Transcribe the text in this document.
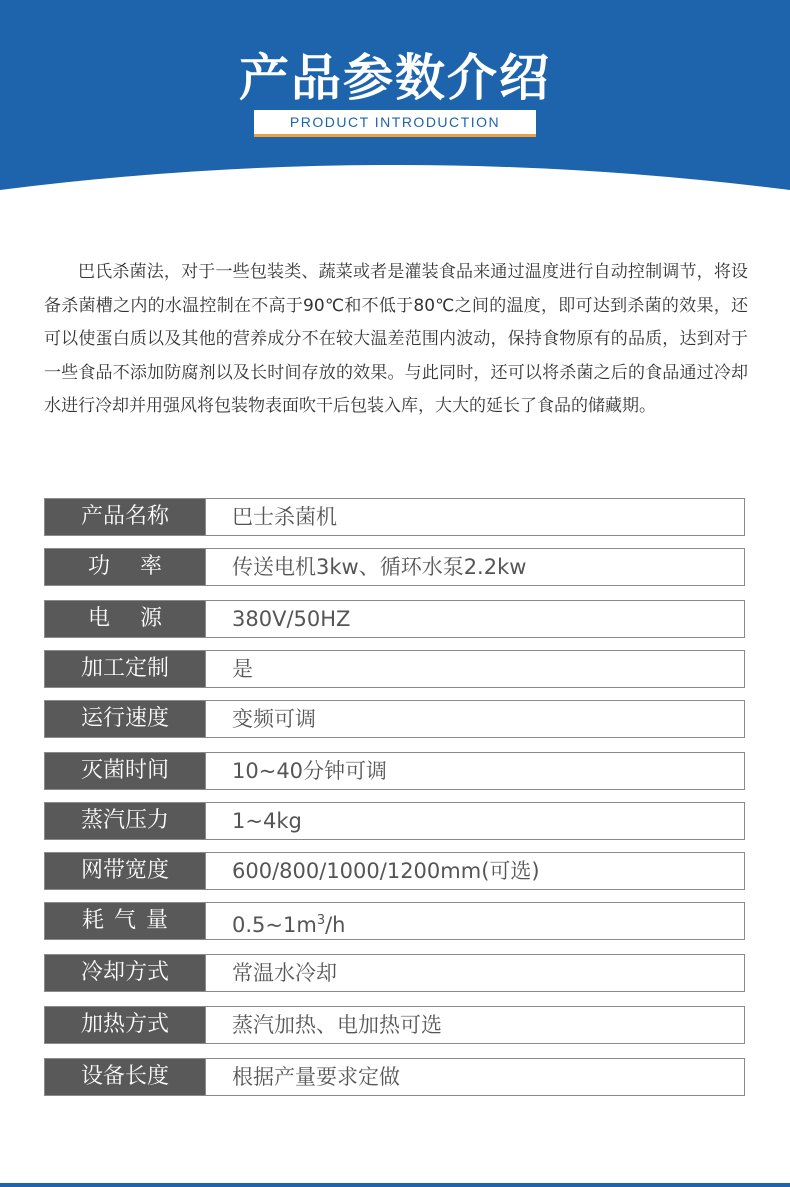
产品参数介绍
PRODUCT INTRODUCTION
巴氏杀菌法，对于一些包装类、蔬菜或者是灌装食品来通过温度进行自动控制调节，将设备杀菌槽之内的水温控制在不高于90℃和不低于80℃之间的温度，即可达到杀菌的效果，还可以使蛋白质以及其他的营养成分不在较大温差范围内波动，保持食物原有的品质，达到对于一些食品不添加防腐剂以及长时间存放的效果。与此同时，还可以将杀菌之后的食品通过冷却水进行冷却并用强风将包装物表面吹干后包装入库，大大的延长了食品的储藏期。
产品名称	巴士杀菌机
功率	传送电机3kw、循环水泵2.2kw
电源	380V/50HZ
加工定制	是
运行速度	变频可调
灭菌时间	10~40分钟可调
蒸汽压力	1~4kg
网带宽度	600/800/1000/1200mm(可选)
耗气量	$0.5\sim 1m^3/h$
冷却方式	常温水冷却
加热方式	蒸汽加热、电加热可选
设备长度	根据产量要求定做
